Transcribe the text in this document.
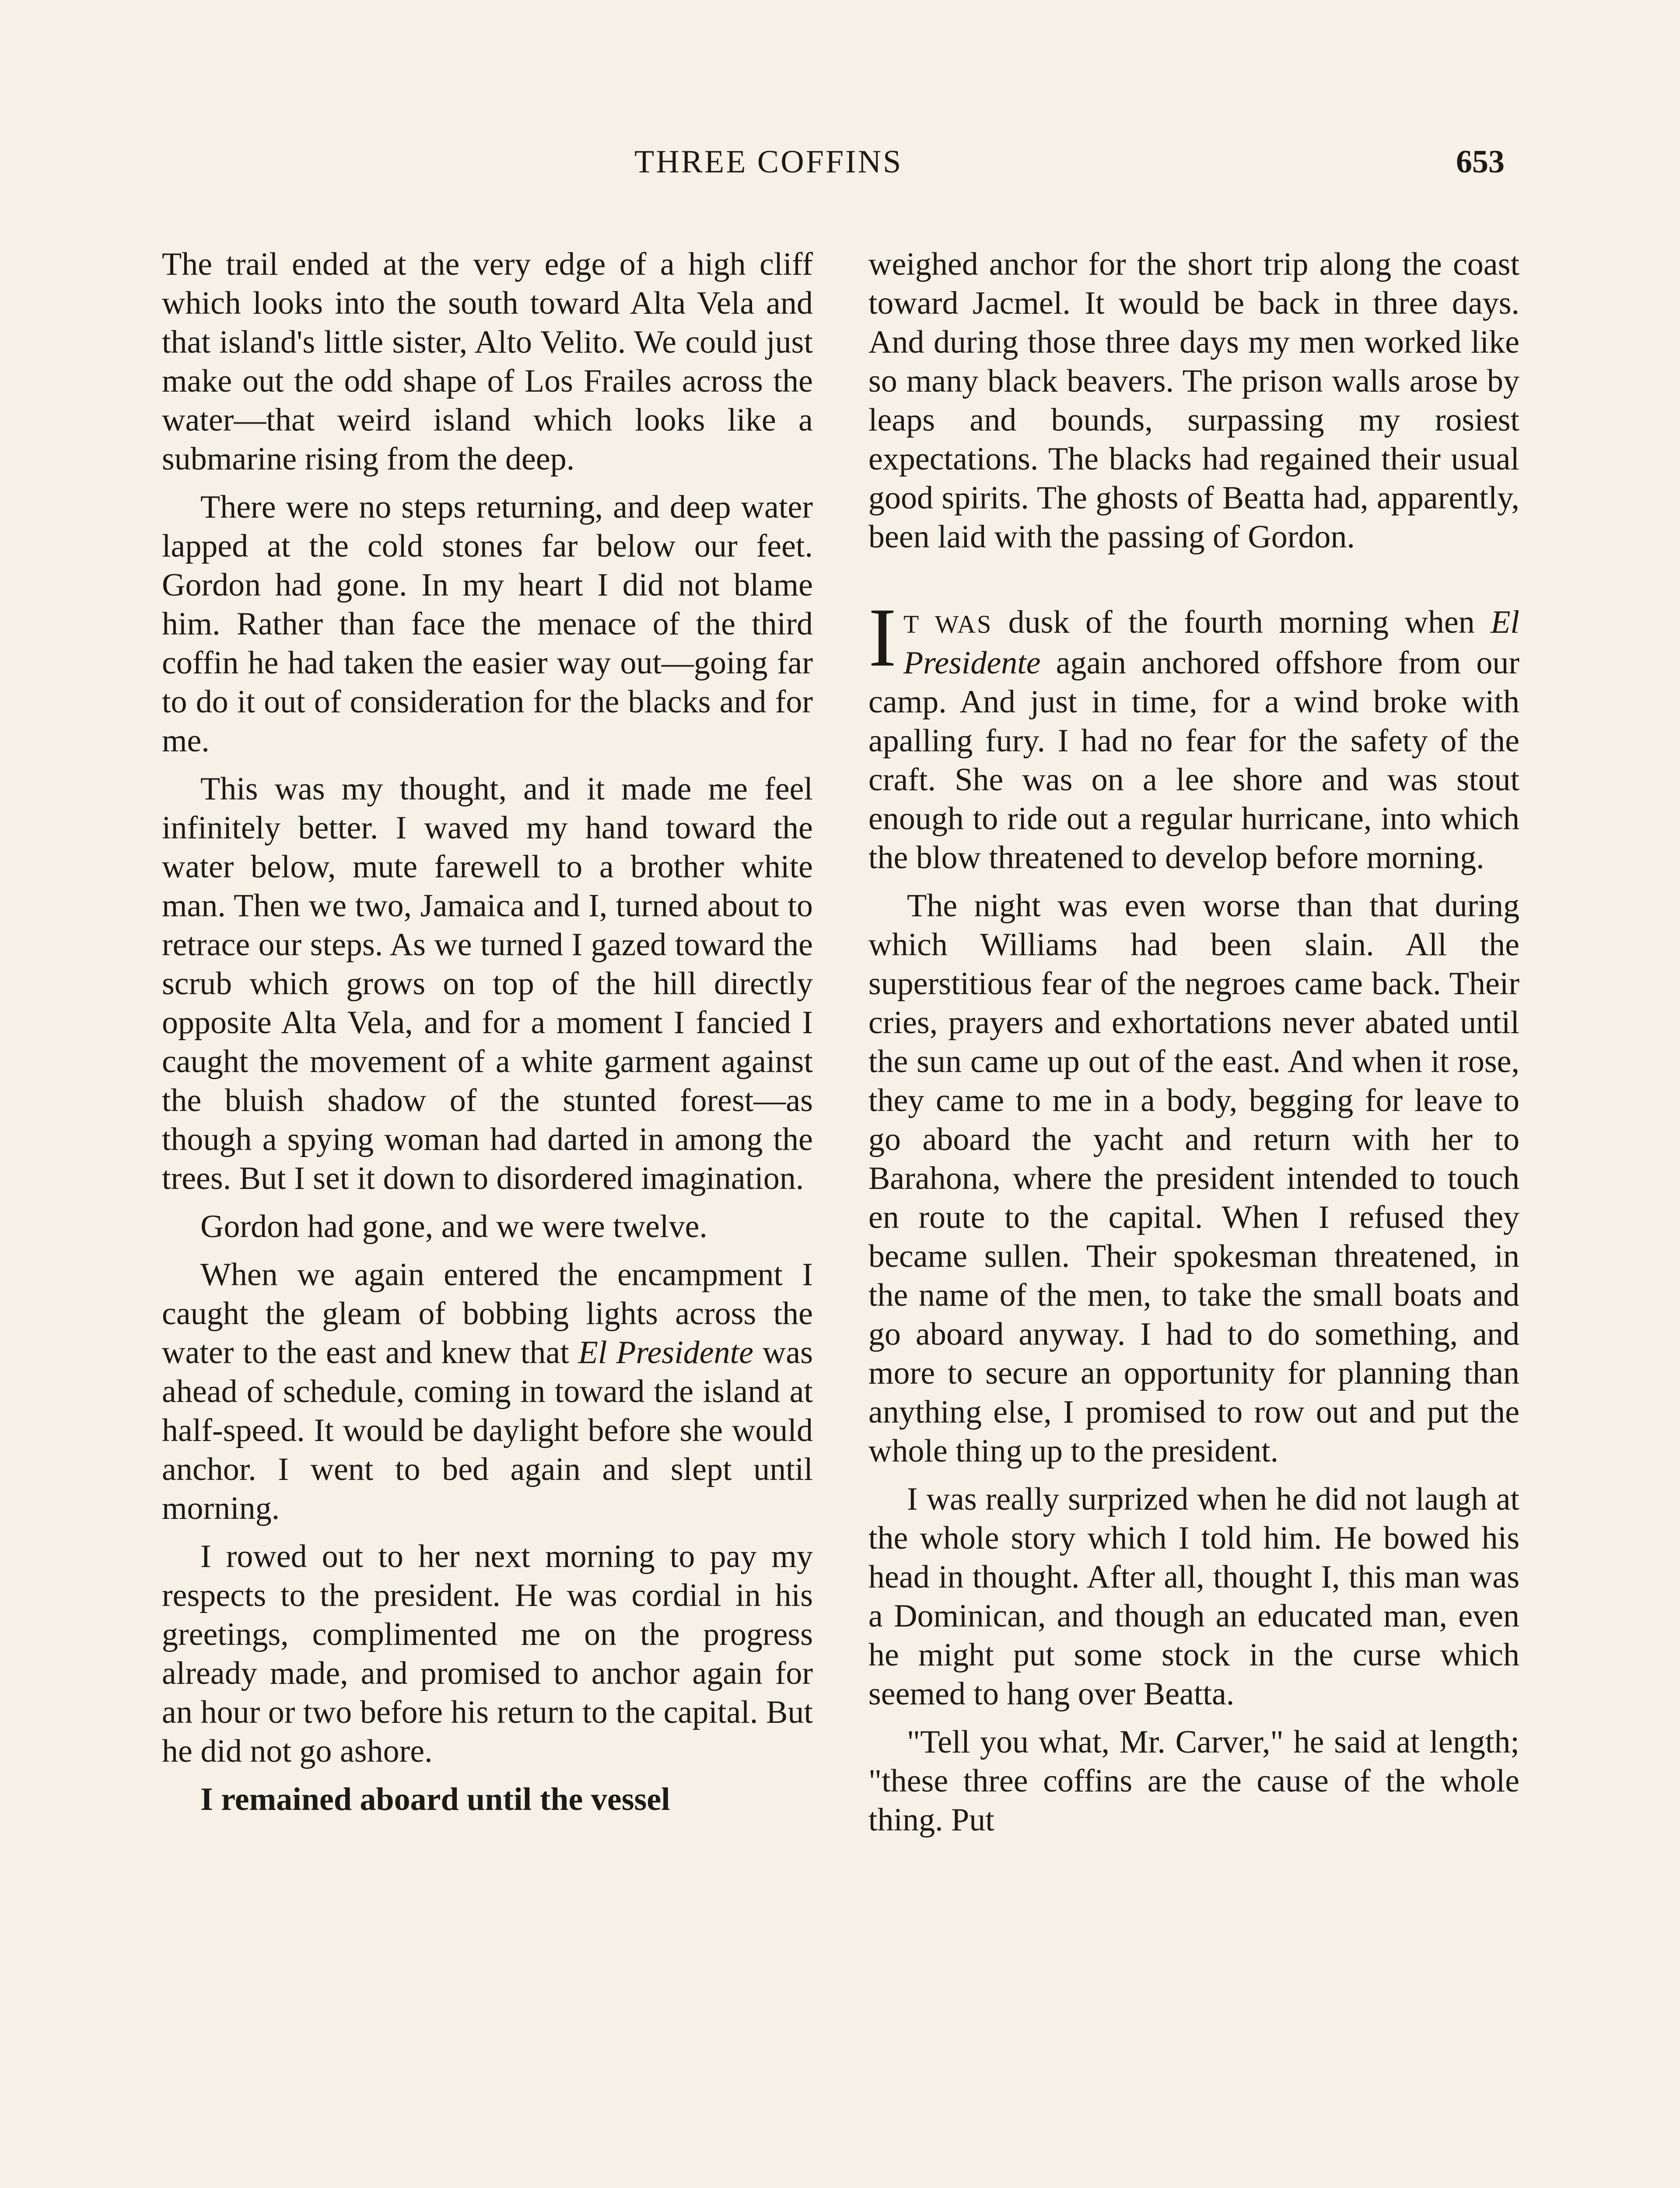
THREE COFFINS	653

The trail ended at the very edge of a high cliff which looks into the south toward Alta Vela and that island's little sister, Alto Velito. We could just make out the odd shape of Los Frailes across the water—that weird island which looks like a submarine rising from the deep.

There were no steps returning, and deep water lapped at the cold stones far below our feet. Gordon had gone. In my heart I did not blame him. Rather than face the menace of the third coffin he had taken the easier way out—going far to do it out of consideration for the blacks and for me.

This was my thought, and it made me feel infinitely better. I waved my hand toward the water below, mute farewell to a brother white man. Then we two, Jamaica and I, turned about to retrace our steps. As we turned I gazed toward the scrub which grows on top of the hill directly opposite Alta Vela, and for a moment I fancied I caught the movement of a white garment against the bluish shadow of the stunted forest—as though a spying woman had darted in among the trees. But I set it down to disordered imagination.

Gordon had gone, and we were twelve.

When we again entered the encampment I caught the gleam of bobbing lights across the water to the east and knew that El Presidente was ahead of schedule, coming in toward the island at half-speed. It would be daylight before she would anchor. I went to bed again and slept until morning.

I rowed out to her next morning to pay my respects to the president. He was cordial in his greetings, complimented me on the progress already made, and promised to anchor again for an hour or two before his return to the capital. But he did not go ashore.

I remained aboard until the vessel

weighed anchor for the short trip along the coast toward Jacmel. It would be back in three days. And during those three days my men worked like so many black beavers. The prison walls arose by leaps and bounds, surpassing my rosiest expectations. The blacks had regained their usual good spirits. The ghosts of Beatta had, apparently, been laid with the passing of Gordon.

I T WAS dusk of the fourth morning when El Presidente again anchored offshore from our camp. And just in time, for a wind broke with apalling fury. I had no fear for the safety of the craft. She was on a lee shore and was stout enough to ride out a regular hurricane, into which the blow threatened to develop before morning.

The night was even worse than that during which Williams had been slain. All the superstitious fear of the negroes came back. Their cries, prayers and exhortations never abated until the sun came up out of the east. And when it rose, they came to me in a body, begging for leave to go aboard the yacht and return with her to Barahona, where the president intended to touch en route to the capital. When I refused they became sullen. Their spokesman threatened, in the name of the men, to take the small boats and go aboard anyway. I had to do something, and more to secure an opportunity for planning than anything else, I promised to row out and put the whole thing up to the president.

I was really surprized when he did not laugh at the whole story which I told him. He bowed his head in thought. After all, thought I, this man was a Dominican, and though an educated man, even he might put some stock in the curse which seemed to hang over Beatta.

"Tell you what, Mr. Carver," he said at length; "these three coffins are the cause of the whole thing. Put
